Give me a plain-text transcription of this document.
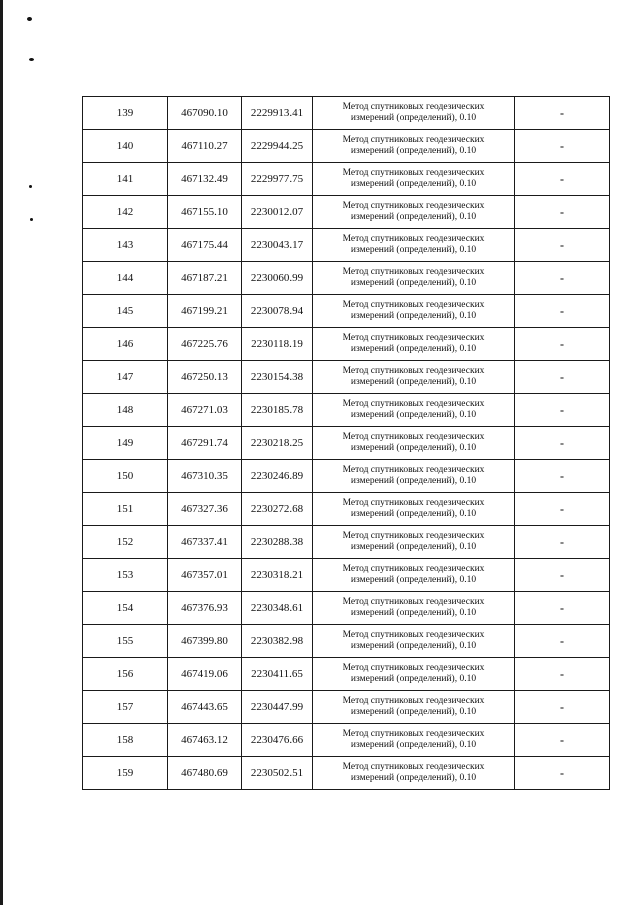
139	467090.10	2229913.41	Метод спутниковых геодезических
измерений (определений), 0.10	-
140	467110.27	2229944.25	Метод спутниковых геодезических
измерений (определений), 0.10	-
141	467132.49	2229977.75	Метод спутниковых геодезических
измерений (определений), 0.10	-
142	467155.10	2230012.07	Метод спутниковых геодезических
измерений (определений), 0.10	-
143	467175.44	2230043.17	Метод спутниковых геодезических
измерений (определений), 0.10	-
144	467187.21	2230060.99	Метод спутниковых геодезических
измерений (определений), 0.10	-
145	467199.21	2230078.94	Метод спутниковых геодезических
измерений (определений), 0.10	-
146	467225.76	2230118.19	Метод спутниковых геодезических
измерений (определений), 0.10	-
147	467250.13	2230154.38	Метод спутниковых геодезических
измерений (определений), 0.10	-
148	467271.03	2230185.78	Метод спутниковых геодезических
измерений (определений), 0.10	-
149	467291.74	2230218.25	Метод спутниковых геодезических
измерений (определений), 0.10	-
150	467310.35	2230246.89	Метод спутниковых геодезических
измерений (определений), 0.10	-
151	467327.36	2230272.68	Метод спутниковых геодезических
измерений (определений), 0.10	-
152	467337.41	2230288.38	Метод спутниковых геодезических
измерений (определений), 0.10	-
153	467357.01	2230318.21	Метод спутниковых геодезических
измерений (определений), 0.10	-
154	467376.93	2230348.61	Метод спутниковых геодезических
измерений (определений), 0.10	-
155	467399.80	2230382.98	Метод спутниковых геодезических
измерений (определений), 0.10	-
156	467419.06	2230411.65	Метод спутниковых геодезических
измерений (определений), 0.10	-
157	467443.65	2230447.99	Метод спутниковых геодезических
измерений (определений), 0.10	-
158	467463.12	2230476.66	Метод спутниковых геодезических
измерений (определений), 0.10	-
159	467480.69	2230502.51	Метод спутниковых геодезических
измерений (определений), 0.10	-
